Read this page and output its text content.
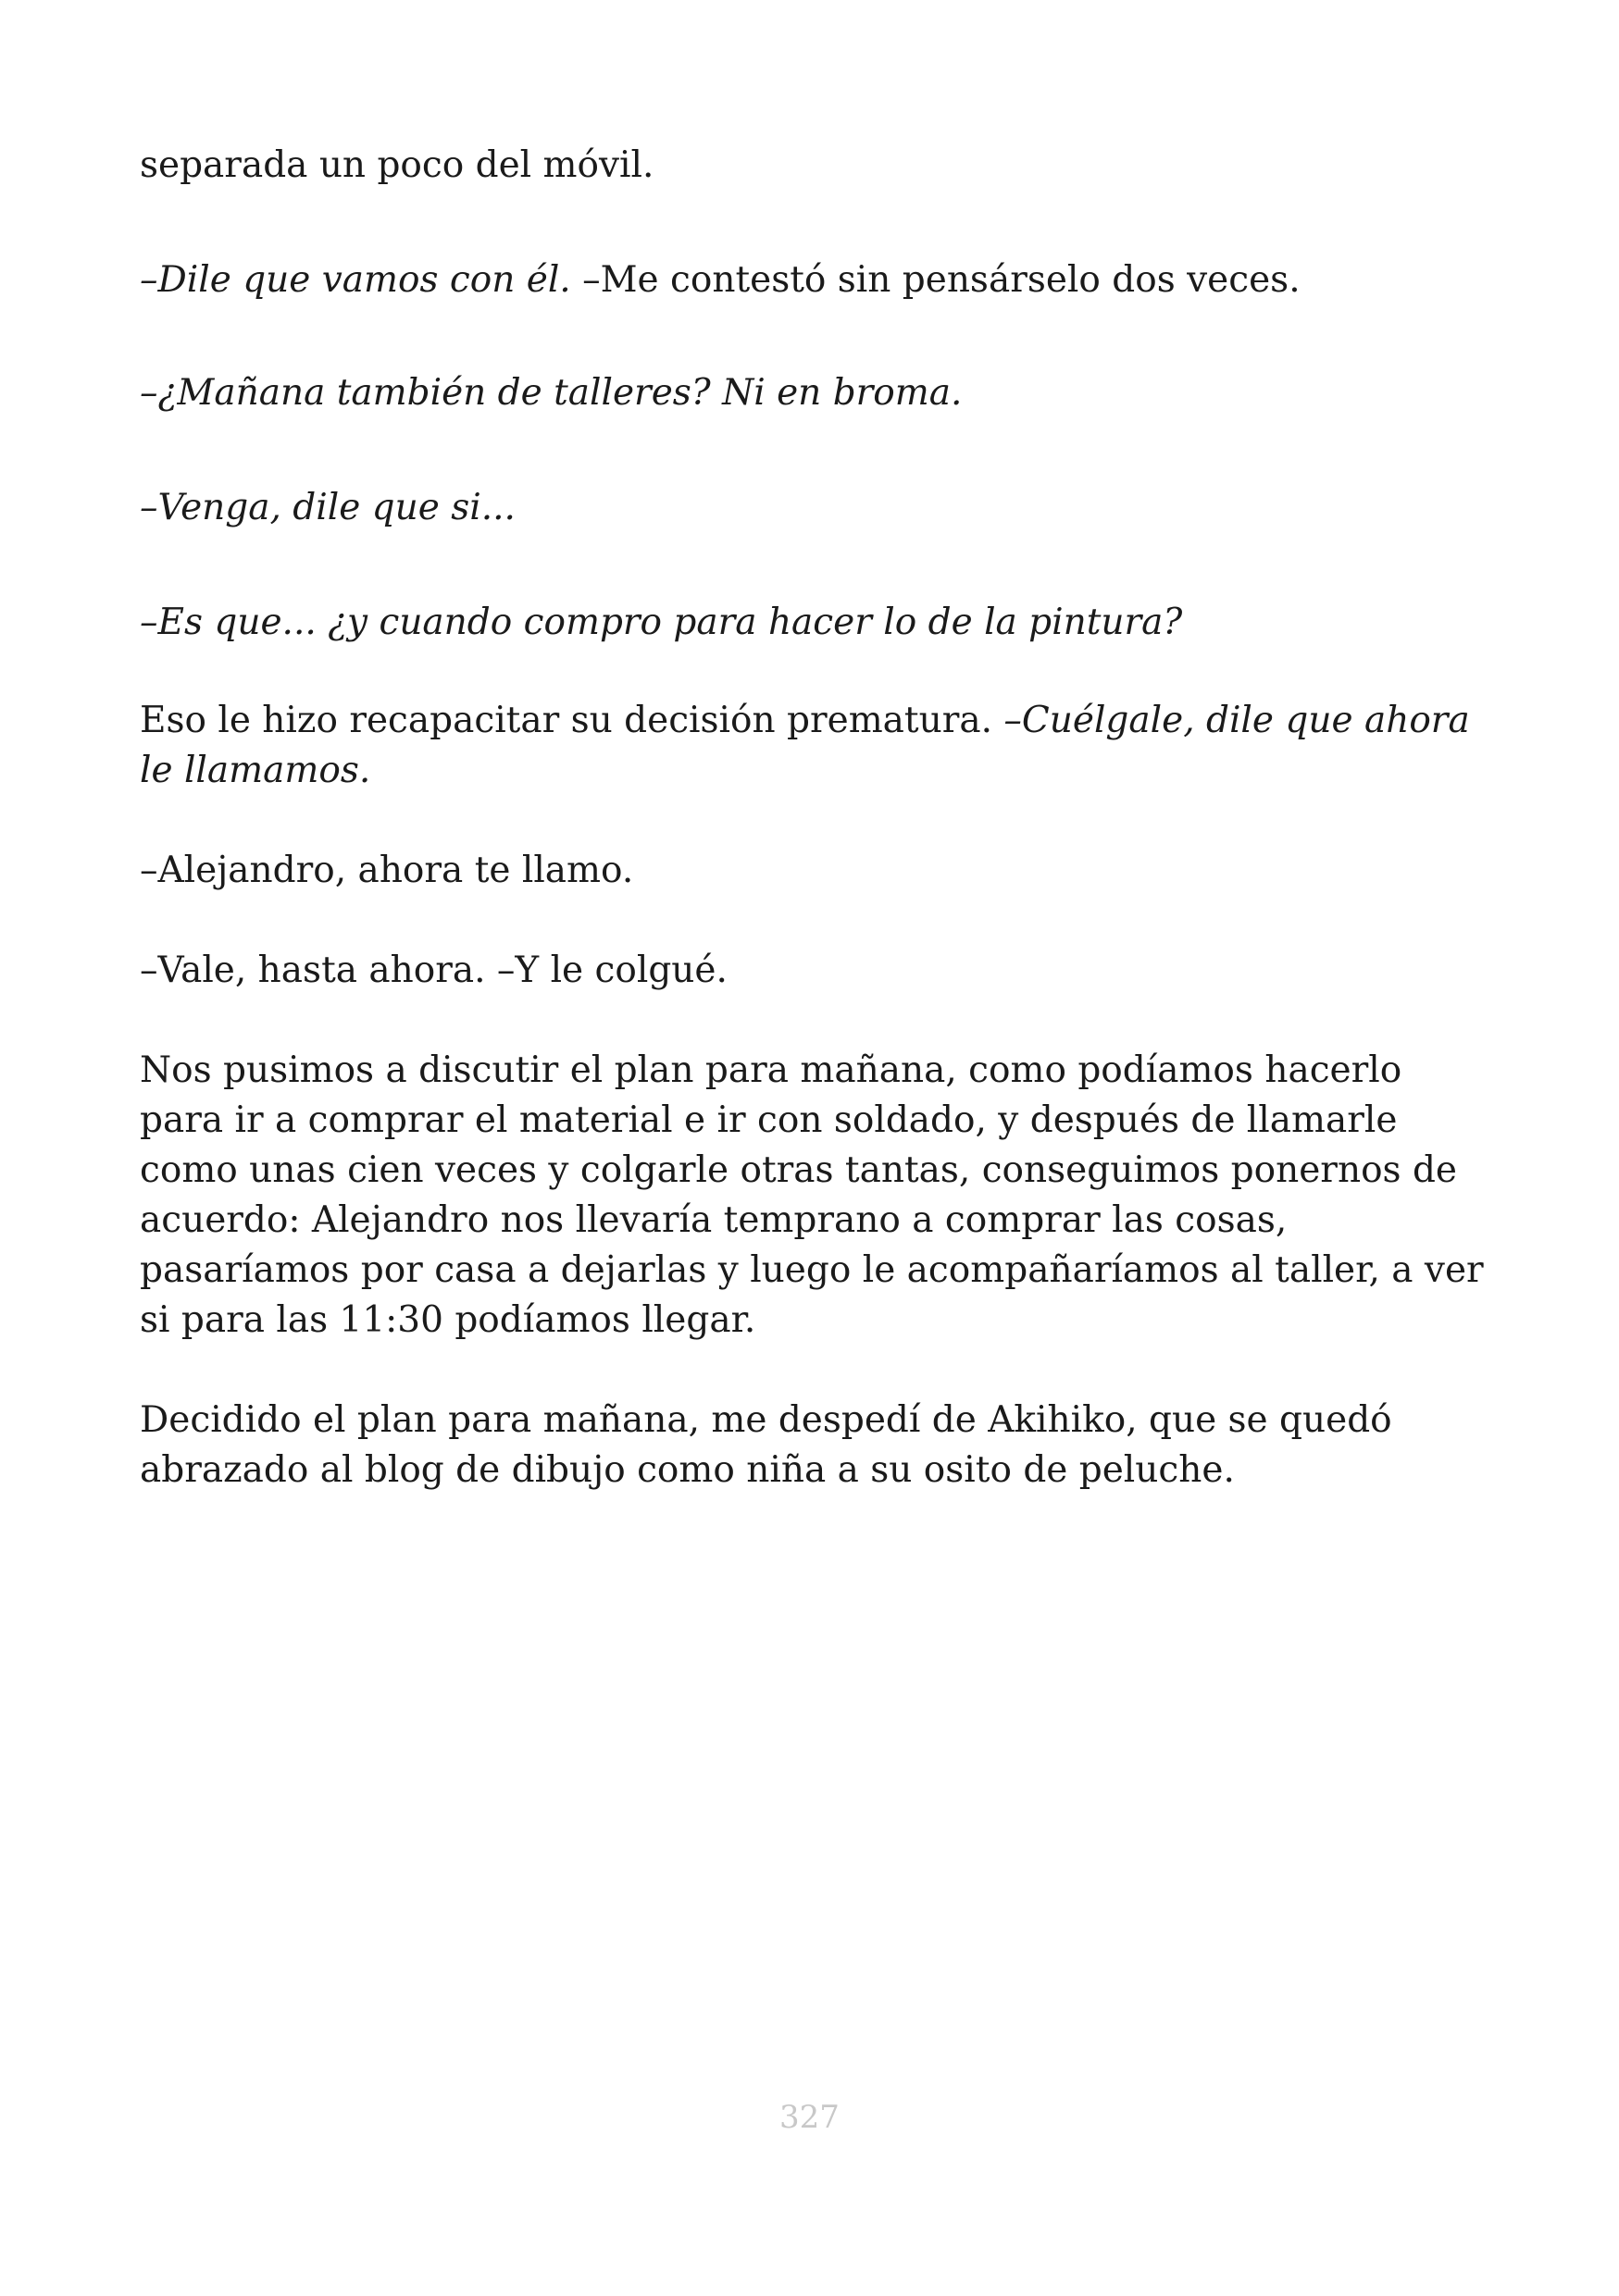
separada un poco del móvil.

–Dile que vamos con él. –Me contestó sin pensárselo dos veces.

–¿Mañana también de talleres? Ni en broma.

–Venga, dile que si...

–Es que... ¿y cuando compro para hacer lo de la pintura?

Eso le hizo recapacitar su decisión prematura. –Cuélgale, dile que ahora le llamamos.

–Alejandro, ahora te llamo.

–Vale, hasta ahora. –Y le colgué.

Nos pusimos a discutir el plan para mañana, como podíamos hacerlo para ir a comprar el material e ir con soldado, y después de llamarle como unas cien veces y colgarle otras tantas, conseguimos ponernos de acuerdo: Alejandro nos llevaría temprano a comprar las cosas, pasaríamos por casa a dejarlas y luego le acompañaríamos al taller, a ver si para las 11:30 podíamos llegar.

Decidido el plan para mañana, me despedí de Akihiko, que se quedó abrazado al blog de dibujo como niña a su osito de peluche.

327
